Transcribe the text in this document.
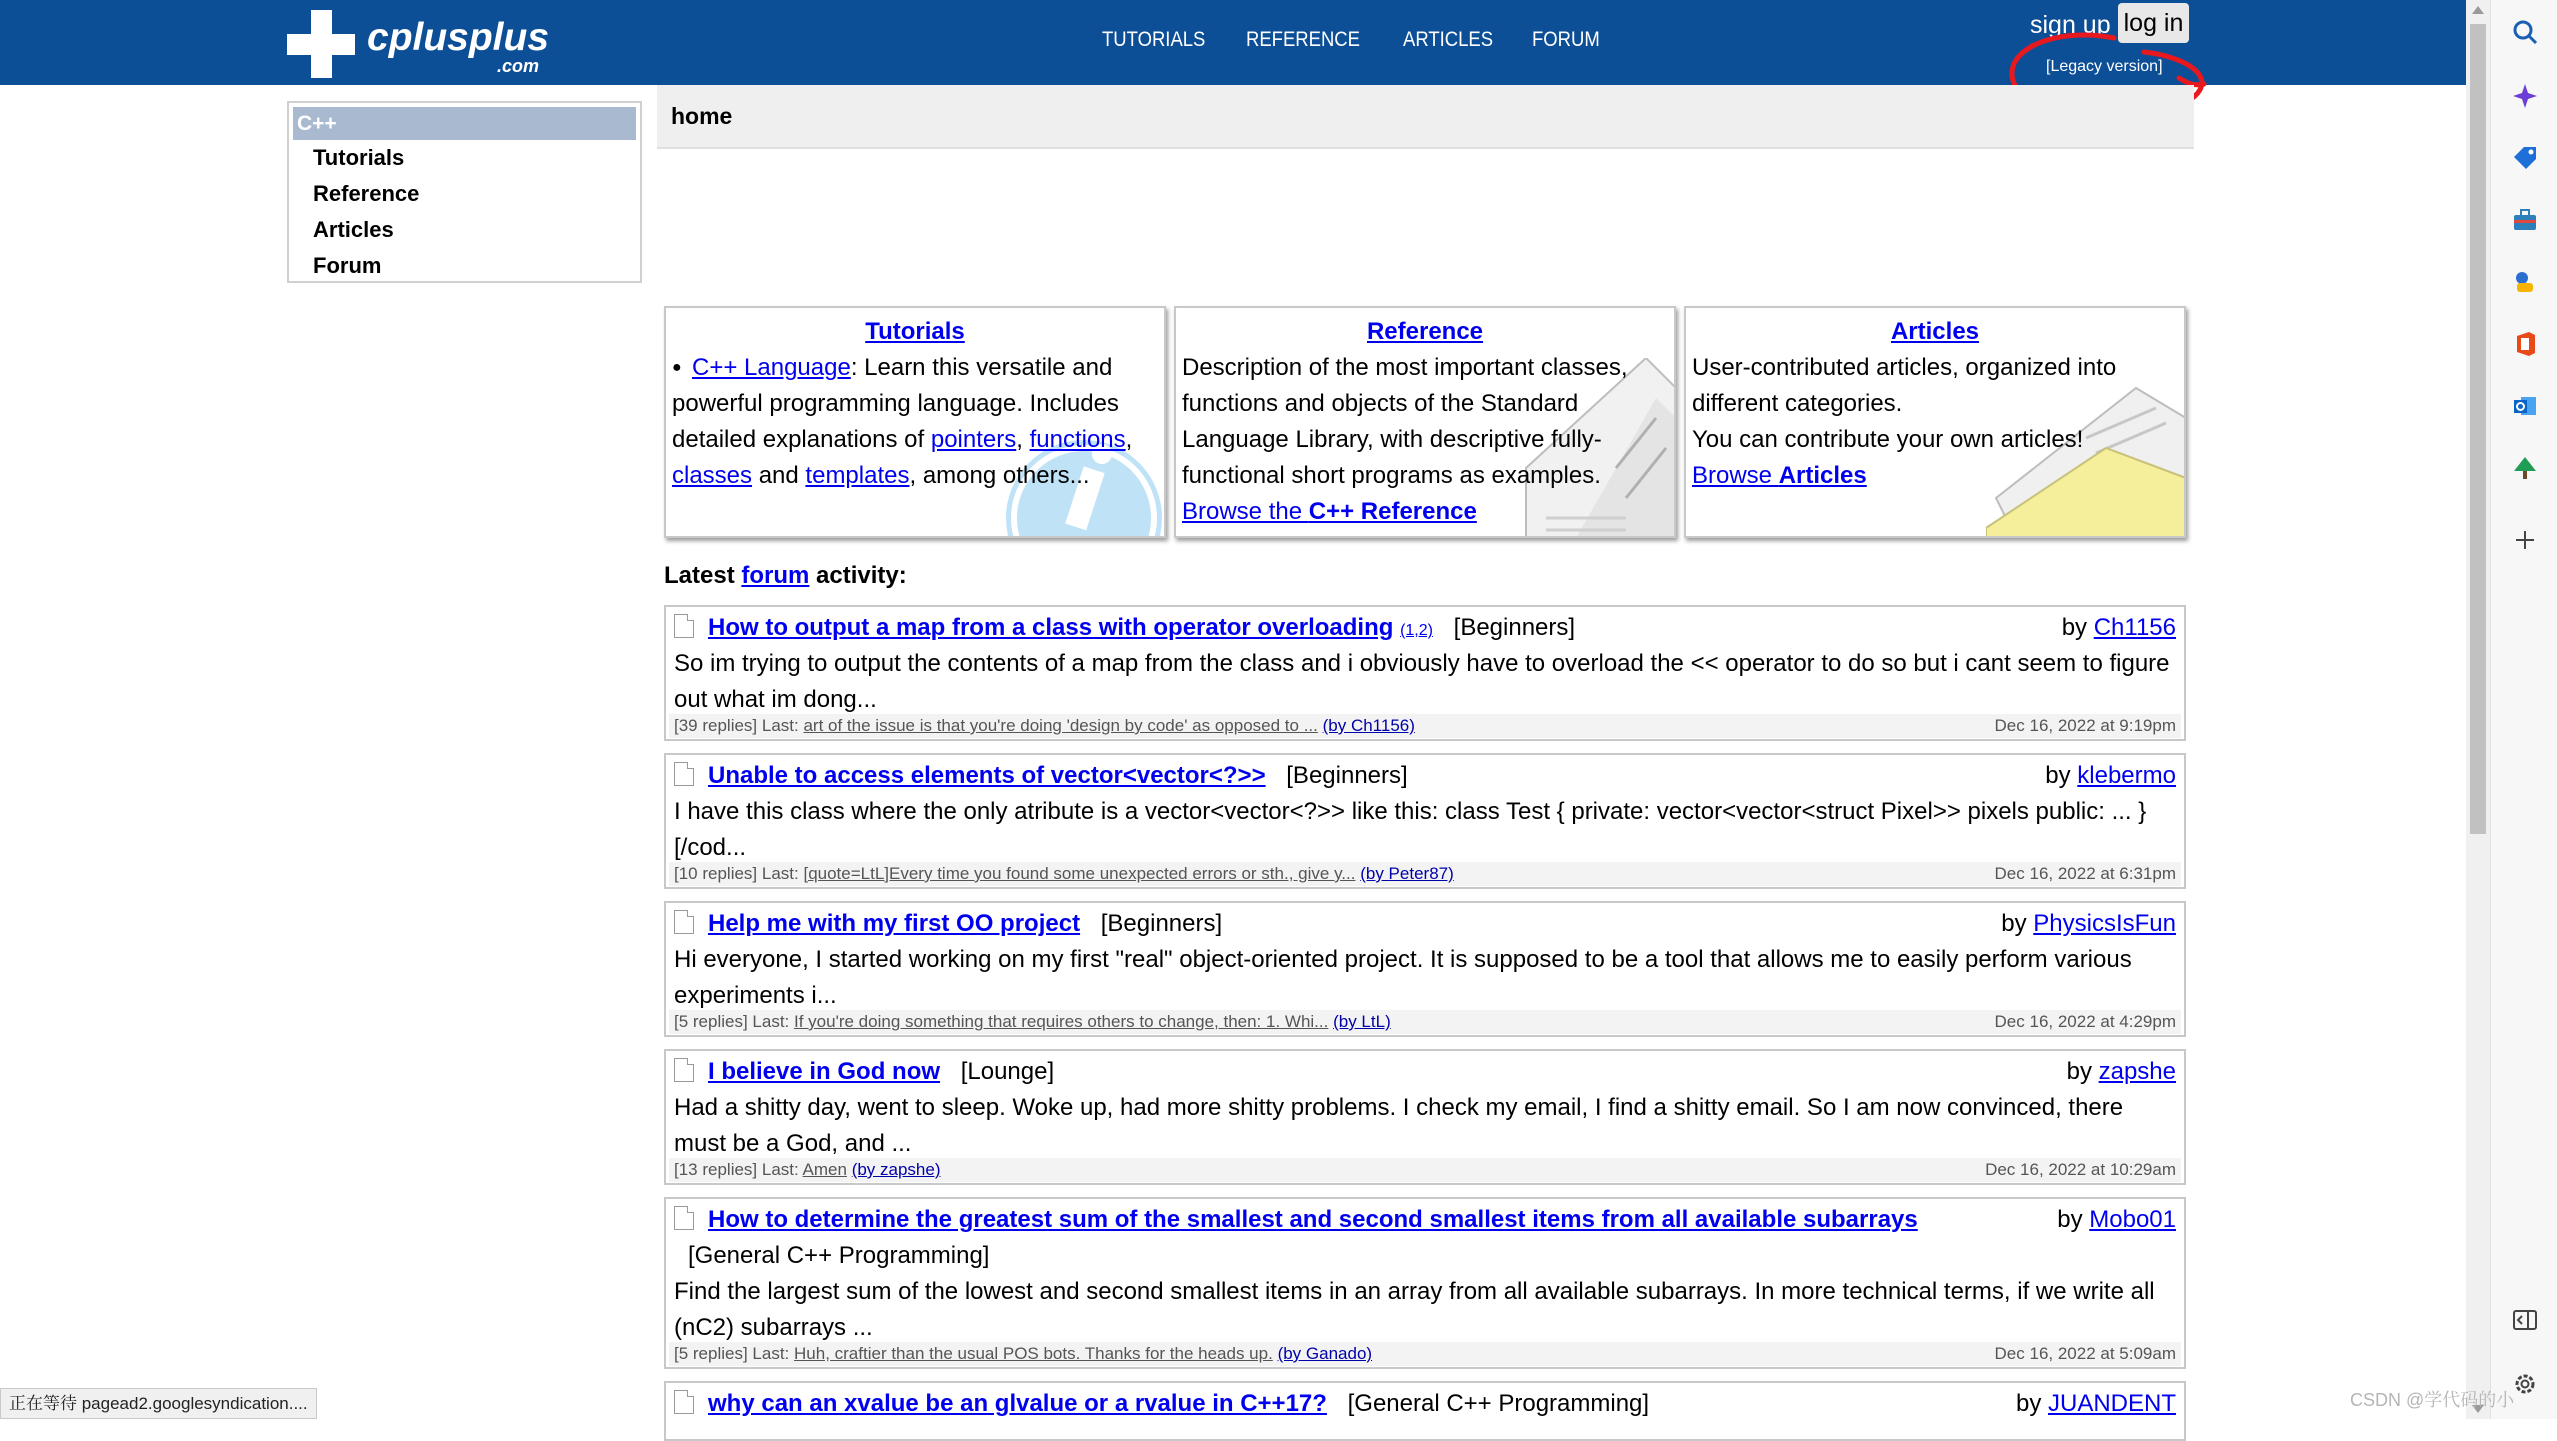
cplusplus
.com
TUTORIALS REFERENCE ARTICLES FORUM
sign up log in
[Legacy version]
C++
Tutorials
Reference
Articles
Forum
home
Tutorials
● C++ Language: Learn this versatile and powerful programming language. Includes detailed explanations of pointers, functions, classes and templates, among others...
Reference
Description of the most important classes, functions and objects of the Standard Language Library, with descriptive fully-functional short programs as examples.
Browse the C++ Reference
Articles
User-contributed articles, organized into different categories.
You can contribute your own articles!
Browse Articles
Latest forum activity:
How to output a map from a class with operator overloading (1,2) [Beginners]	by Ch1156
So im trying to output the contents of a map from the class and i obviously have to overload the << operator to do so but i cant seem to figure out what im dong...
[39 replies] Last: art of the issue is that you're doing 'design by code' as opposed to ... (by Ch1156)	Dec 16, 2022 at 9:19pm
Unable to access elements of vector<vector<?>> [Beginners]	by klebermo
I have this class where the only atribute is a vector<vector<?>> like this: class Test { private: vector<vector<struct Pixel>> pixels public: ... } [/cod...
[10 replies] Last: [quote=LtL]Every time you found some unexpected errors or sth., give y... (by Peter87)	Dec 16, 2022 at 6:31pm
Help me with my first OO project [Beginners]	by PhysicsIsFun
Hi everyone, I started working on my first "real" object-oriented project. It is supposed to be a tool that allows me to easily perform various experiments i...
[5 replies] Last: If you're doing something that requires others to change, then: 1. Whi... (by LtL)	Dec 16, 2022 at 4:29pm
I believe in God now [Lounge]	by zapshe
Had a shitty day, went to sleep. Woke up, had more shitty problems. I check my email, I find a shitty email. So I am now convinced, there must be a God, and ...
[13 replies] Last: Amen (by zapshe)	Dec 16, 2022 at 10:29am
How to determine the greatest sum of the smallest and second smallest items from all available subarrays [General C++ Programming]
by Mobo01
Find the largest sum of the lowest and second smallest items in an array from all available subarrays. In more technical terms, if we write all (nC2) subarrays ...
[5 replies] Last: Huh, craftier than the usual POS bots. Thanks for the heads up. (by Ganado)	Dec 16, 2022 at 5:09am
why can an xvalue be an glvalue or a rvalue in C++17? [General C++ Programming]	by JUANDENT
正在等待 pagead2.googlesyndication....	CSDN @学代码的小
